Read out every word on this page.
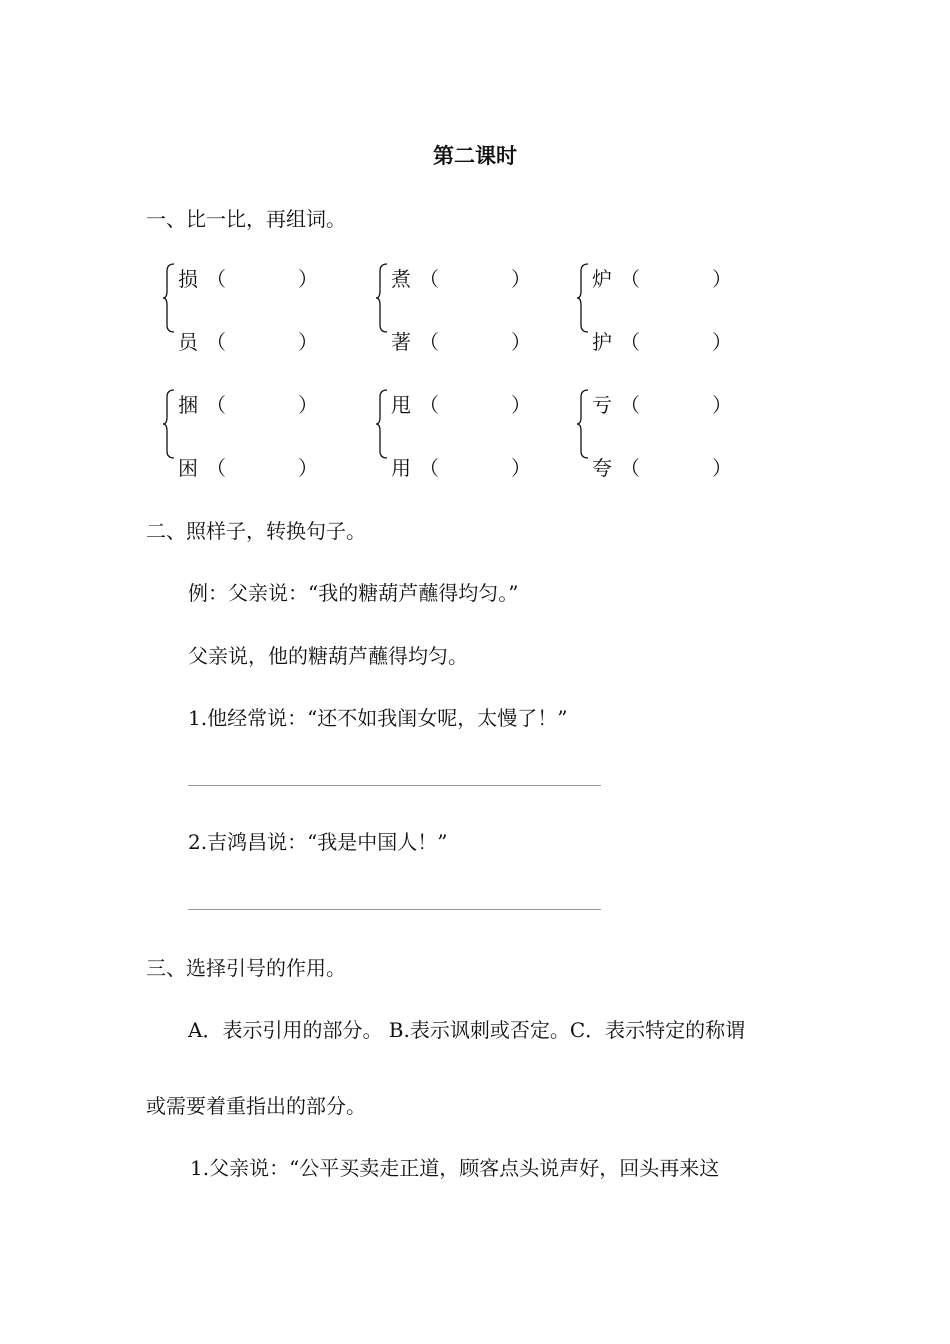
第二课时
一、比一比，再组词。
损 （	）
员 （	）
煮 （	）
著 （	）
炉 （	）
护 （	）
捆 （	）
困 （	）
甩 （	）
用 （	）
亏 （	）
夸 （	）
二、照样子，转换句子。
例：父亲说：“我的糖葫芦蘸得均匀。”
父亲说，他的糖葫芦蘸得均匀。
1.他经常说：“还不如我闺女呢，太慢了！”
2.吉鸿昌说：“我是中国人！”
三、选择引号的作用。
A．表示引用的部分。 B.表示讽刺或否定。C．表示特定的称谓
或需要着重指出的部分。
1.父亲说：“公平买卖走正道，顾客点头说声好，回头再来这
